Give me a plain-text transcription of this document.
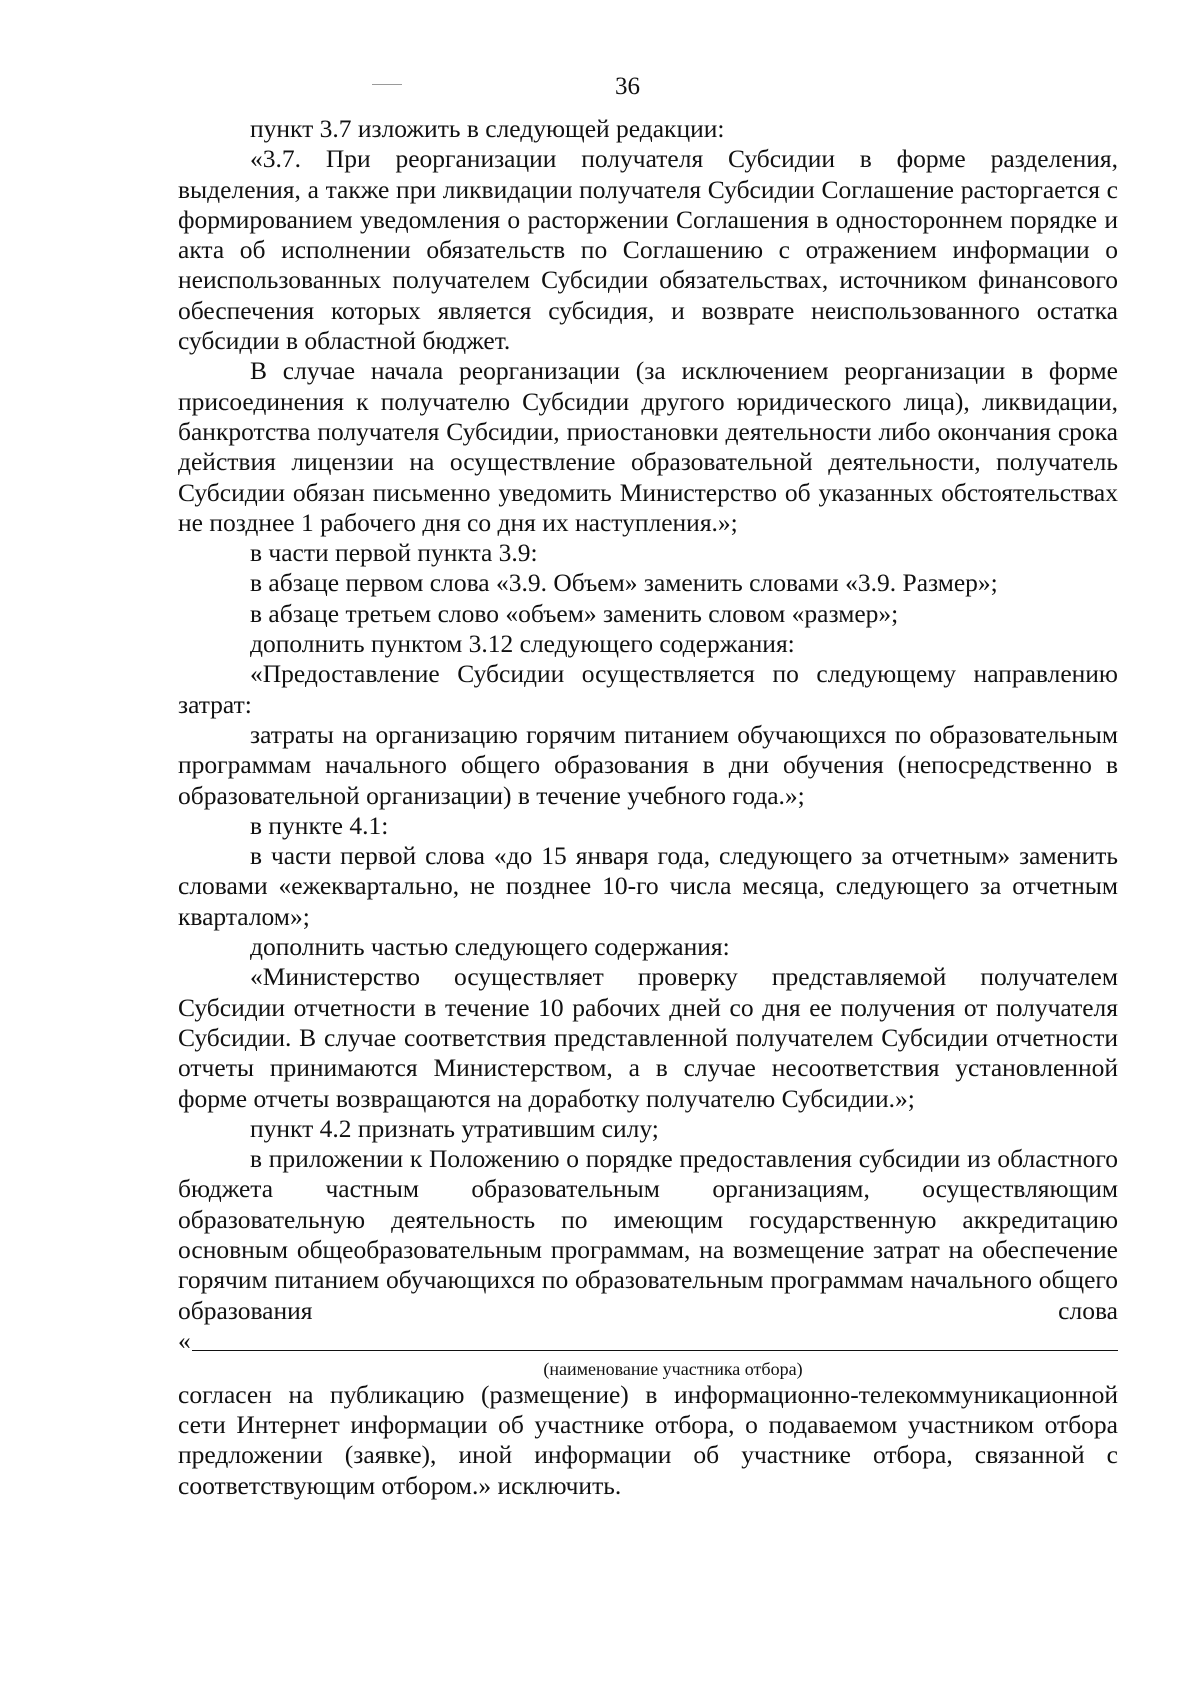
36

пункт 3.7 изложить в следующей редакции:

«3.7. При реорганизации получателя Субсидии в форме разделения, выделения, а также при ликвидации получателя Субсидии Соглашение расторгается с формированием уведомления о расторжении Соглашения в одностороннем порядке и акта об исполнении обязательств по Соглашению с отражением информации о неиспользованных получателем Субсидии обязательствах, источником финансового обеспечения которых является субсидия, и возврате неиспользованного остатка субсидии в областной бюджет.

В случае начала реорганизации (за исключением реорганизации в форме присоединения к получателю Субсидии другого юридического лица), ликвидации, банкротства получателя Субсидии, приостановки деятельности либо окончания срока действия лицензии на осуществление образовательной деятельности, получатель Субсидии обязан письменно уведомить Министерство об указанных обстоятельствах не позднее 1 рабочего дня со дня их наступления.»;

в части первой пункта 3.9:

в абзаце первом слова «3.9. Объем» заменить словами «3.9. Размер»;

в абзаце третьем слово «объем» заменить словом «размер»;

дополнить пунктом 3.12 следующего содержания:

«Предоставление Субсидии осуществляется по следующему направлению затрат:

затраты на организацию горячим питанием обучающихся по образовательным программам начального общего образования в дни обучения (непосредственно в образовательной организации) в течение учебного года.»;

в пункте 4.1:

в части первой слова «до 15 января года, следующего за отчетным» заменить словами «ежеквартально, не позднее 10-го числа месяца, следующего за отчетным кварталом»;

дополнить частью следующего содержания:

«Министерство осуществляет проверку представляемой получателем Субсидии отчетности в течение 10 рабочих дней со дня ее получения от получателя Субсидии. В случае соответствия представленной получателем Субсидии отчетности отчеты принимаются Министерством, а в случае несоответствия установленной форме отчеты возвращаются на доработку получателю Субсидии.»;

пункт 4.2 признать утратившим силу;

в приложении к Положению о порядке предоставления субсидии из областного бюджета частным образовательным организациям, осуществляющим образовательную деятельность по имеющим государственную аккредитацию основным общеобразовательным программам, на возмещение затрат на обеспечение горячим питанием обучающихся по образовательным программам начального общего образования слова

«
(наименование участника отбора)

согласен на публикацию (размещение) в информационно-телекоммуникационной сети Интернет информации об участнике отбора, о подаваемом участником отбора предложении (заявке), иной информации об участнике отбора, связанной с соответствующим отбором.» исключить.
